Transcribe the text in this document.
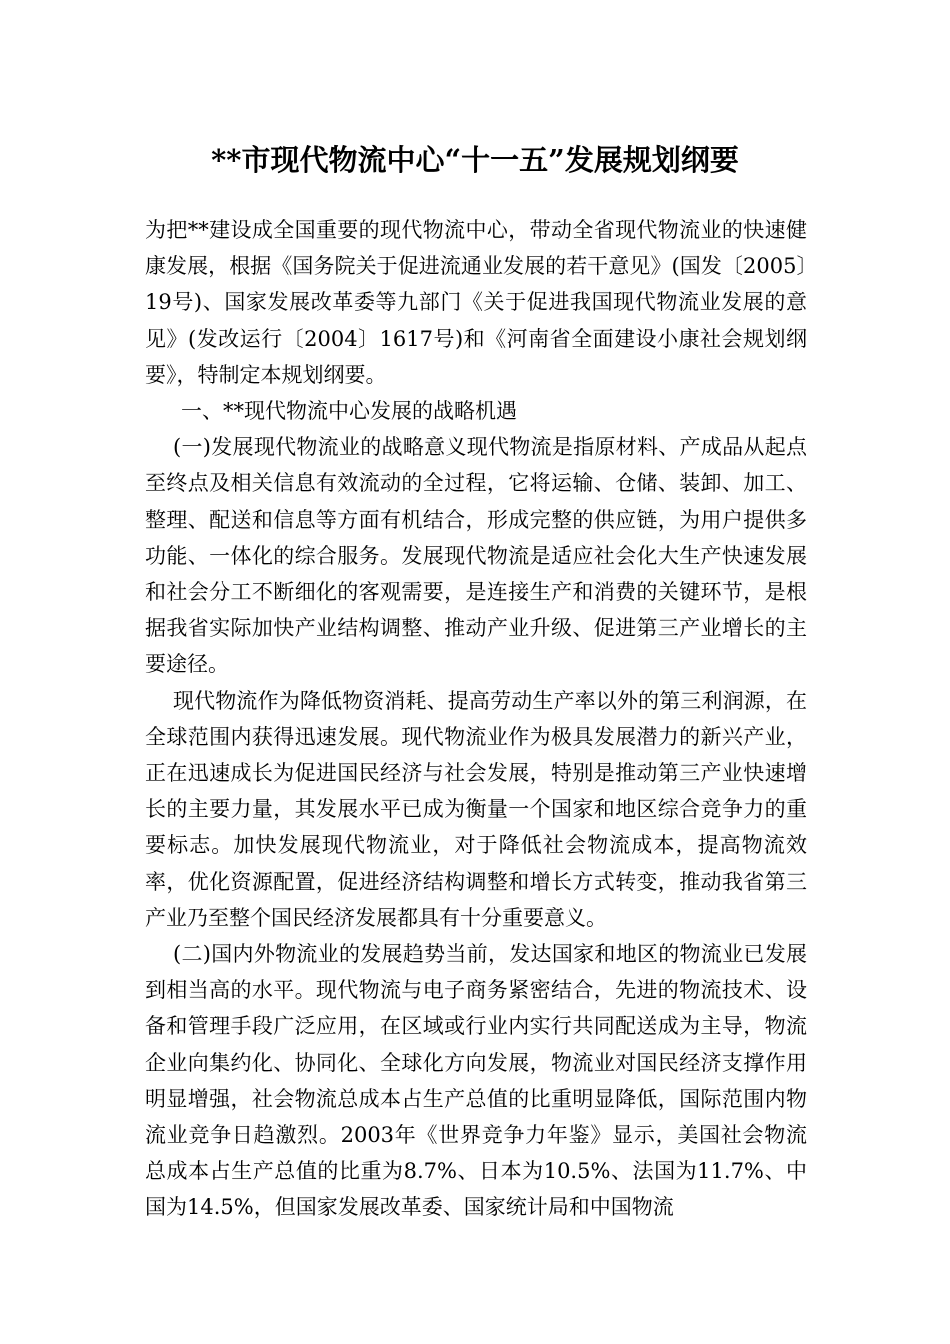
**市现代物流中心“十一五”发展规划纲要

为把**建设成全国重要的现代物流中心，带动全省现代物流业的快速健康发展，根据《国务院关于促进流通业发展的若干意见》(国发〔2005〕19号)、国家发展改革委等九部门《关于促进我国现代物流业发展的意见》(发改运行〔2004〕1617号)和《河南省全面建设小康社会规划纲要》，特制定本规划纲要。

一、**现代物流中心发展的战略机遇

(一)发展现代物流业的战略意义现代物流是指原材料、产成品从起点至终点及相关信息有效流动的全过程，它将运输、仓储、装卸、加工、整理、配送和信息等方面有机结合，形成完整的供应链，为用户提供多功能、一体化的综合服务。发展现代物流是适应社会化大生产快速发展和社会分工不断细化的客观需要，是连接生产和消费的关键环节，是根据我省实际加快产业结构调整、推动产业升级、促进第三产业增长的主要途径。

现代物流作为降低物资消耗、提高劳动生产率以外的第三利润源，在全球范围内获得迅速发展。现代物流业作为极具发展潜力的新兴产业，正在迅速成长为促进国民经济与社会发展，特别是推动第三产业快速增长的主要力量，其发展水平已成为衡量一个国家和地区综合竞争力的重要标志。加快发展现代物流业，对于降低社会物流成本，提高物流效率，优化资源配置，促进经济结构调整和增长方式转变，推动我省第三产业乃至整个国民经济发展都具有十分重要意义。

(二)国内外物流业的发展趋势当前，发达国家和地区的物流业已发展到相当高的水平。现代物流与电子商务紧密结合，先进的物流技术、设备和管理手段广泛应用，在区域或行业内实行共同配送成为主导，物流企业向集约化、协同化、全球化方向发展，物流业对国民经济支撑作用明显增强，社会物流总成本占生产总值的比重明显降低，国际范围内物流业竞争日趋激烈。2003年《世界竞争力年鉴》显示，美国社会物流总成本占生产总值的比重为8.7%、日本为10.5%、法国为11.7%、中国为14.5%，但国家发展改革委、国家统计局和中国物流
